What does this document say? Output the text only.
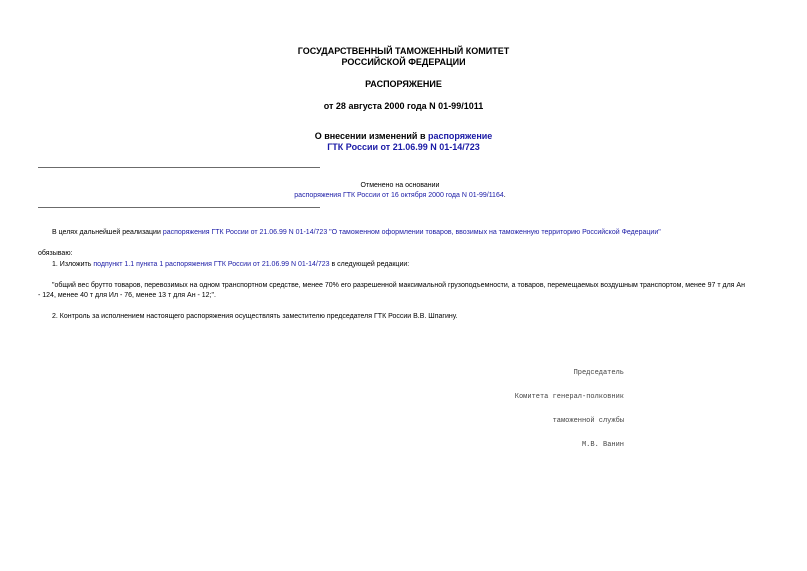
ГОСУДАРСТВЕННЫЙ ТАМОЖЕННЫЙ КОМИТЕТ
РОССИЙСКОЙ ФЕДЕРАЦИИ
РАСПОРЯЖЕНИЕ
от 28 августа 2000 года N 01-99/1011
О внесении изменений в распоряжение
ГТК России от 21.06.99 N 01-14/723
Отменено на основании
распоряжения ГТК России от 16 октября 2000 года N 01-99/1164.
В целях дальнейшей реализации распоряжения ГТК России от 21.06.99 N 01-14/723 "О таможенном оформлении товаров, ввозимых на таможенную территорию Российской Федерации"
обязываю:
1. Изложить подпункт 1.1 пункта 1 распоряжения ГТК России от 21.06.99 N 01-14/723 в следующей редакции:
"общий вес брутто товаров, перевозимых на одном транспортном средстве, менее 70% его разрешенной максимальной грузоподъемности, а товаров, перемещаемых воздушным транспортом, менее 97 т для Ан
- 124, менее 40 т для Ил - 76, менее 13 т для Ан - 12;".
2. Контроль за исполнением настоящего распоряжения осуществлять заместителю председателя ГТК России В.В. Шпагину.

Председатель

Комитета генерал-полковник

таможенной службы

М.В. Ванин
